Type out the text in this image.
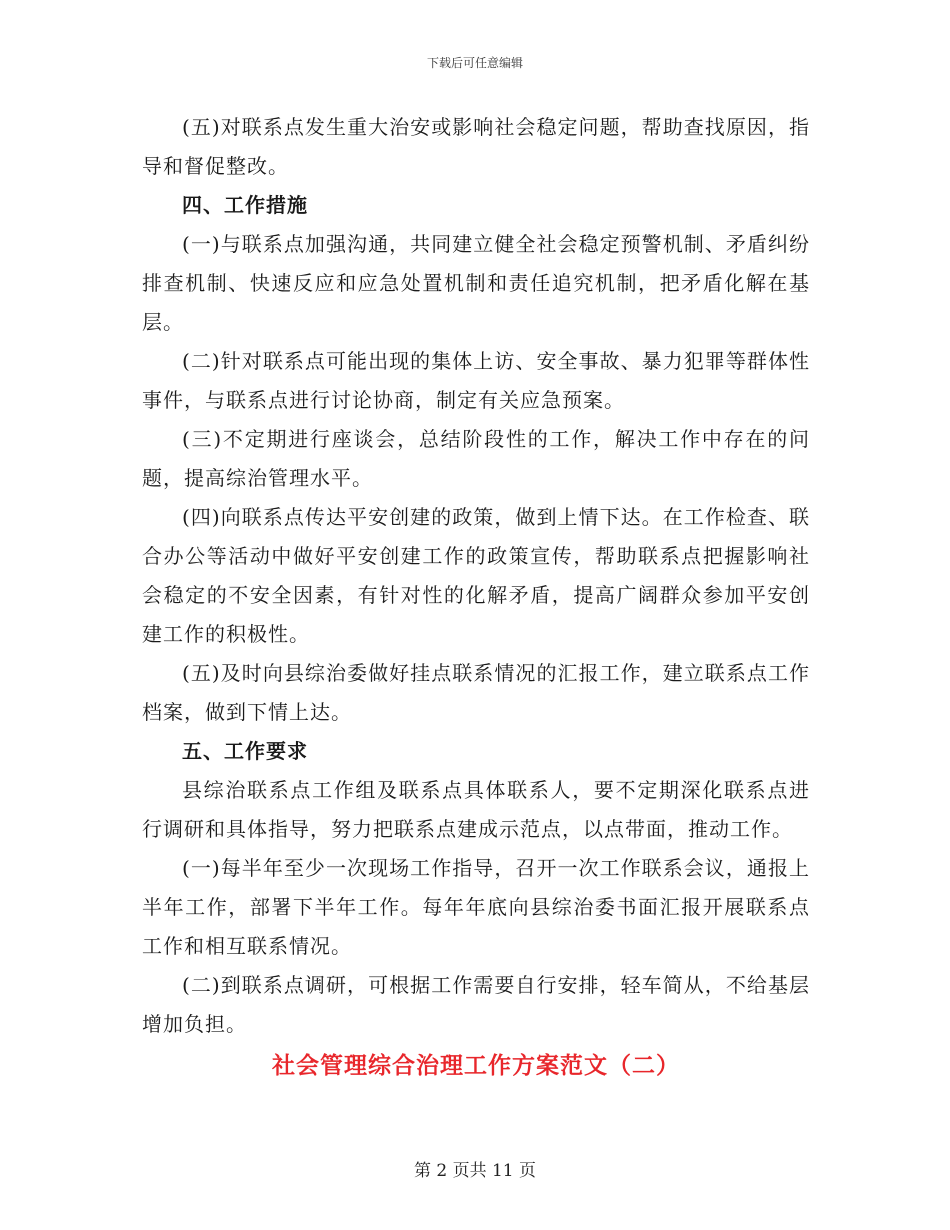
下载后可任意编辑

(五)对联系点发生重大治安或影响社会稳定问题，帮助查找原因，指导和督促整改。

四、工作措施

(一)与联系点加强沟通，共同建立健全社会稳定预警机制、矛盾纠纷排查机制、快速反应和应急处置机制和责任追究机制，把矛盾化解在基层。

(二)针对联系点可能出现的集体上访、安全事故、暴力犯罪等群体性事件，与联系点进行讨论协商，制定有关应急预案。

(三)不定期进行座谈会，总结阶段性的工作，解决工作中存在的问题，提高综治管理水平。

(四)向联系点传达平安创建的政策，做到上情下达。在工作检查、联合办公等活动中做好平安创建工作的政策宣传，帮助联系点把握影响社会稳定的不安全因素，有针对性的化解矛盾，提高广阔群众参加平安创建工作的积极性。

(五)及时向县综治委做好挂点联系情况的汇报工作，建立联系点工作档案，做到下情上达。

五、工作要求

县综治联系点工作组及联系点具体联系人，要不定期深化联系点进行调研和具体指导，努力把联系点建成示范点，以点带面，推动工作。

(一)每半年至少一次现场工作指导，召开一次工作联系会议，通报上半年工作，部署下半年工作。每年年底向县综治委书面汇报开展联系点工作和相互联系情况。

(二)到联系点调研，可根据工作需要自行安排，轻车简从，不给基层增加负担。

社会管理综合治理工作方案范文（二）

第 2 页共 11 页
